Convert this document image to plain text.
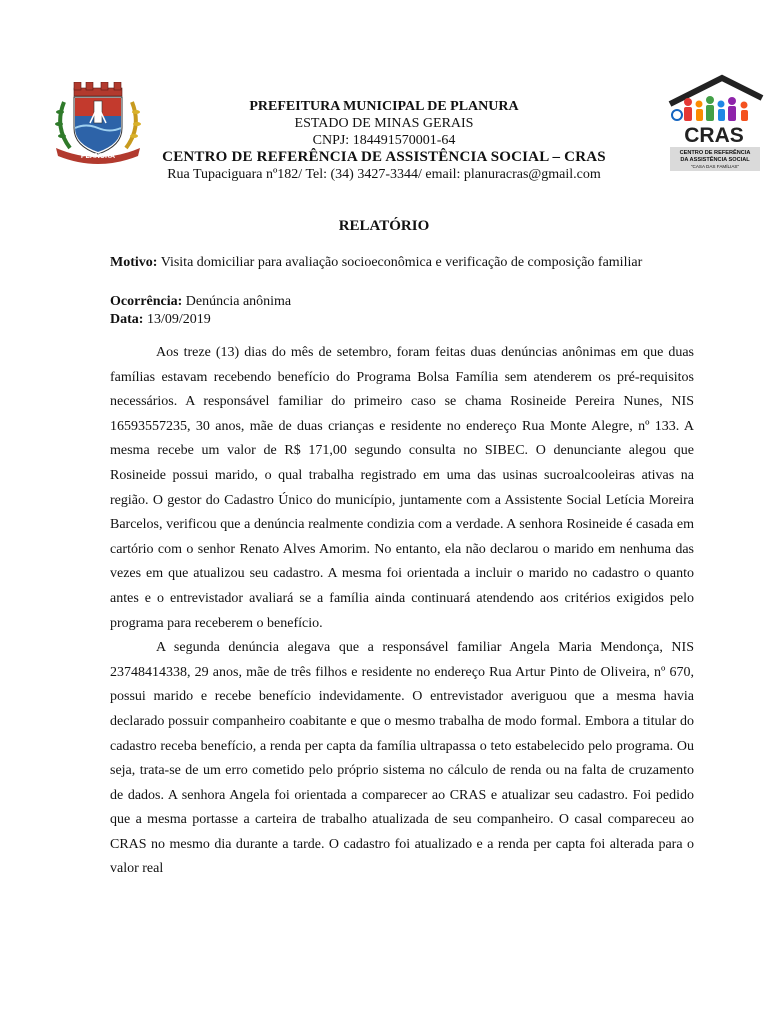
PLANURA
CRAS
CENTRO DE REFERÊNCIA
DA ASSISTÊNCIA SOCIAL
"CASA DAS FAMÍLIAS"
PREFEITURA MUNICIPAL DE PLANURA
ESTADO DE MINAS GERAIS
CNPJ: 184491570001-64
CENTRO DE REFERÊNCIA DE ASSISTÊNCIA SOCIAL – CRAS
Rua Tupaciguara nº182/ Tel: (34) 3427-3344/ email: planuracras@gmail.com
RELATÓRIO
Motivo: Visita domiciliar para avaliação socioeconômica e verificação de composição familiar
Ocorrência: Denúncia anônima
Data: 13/09/2019

Aos treze (13) dias do mês de setembro, foram feitas duas denúncias anônimas em que duas famílias estavam recebendo benefício do Programa Bolsa Família sem atenderem os pré-requisitos necessários. A responsável familiar do primeiro caso se chama Rosineide Pereira Nunes, NIS 16593557235, 30 anos, mãe de duas crianças e residente no endereço Rua Monte Alegre, nº 133. A mesma recebe um valor de R$ 171,00 segundo consulta no SIBEC. O denunciante alegou que Rosineide possui marido, o qual trabalha registrado em uma das usinas sucroalcooleiras ativas na região. O gestor do Cadastro Único do município, juntamente com a Assistente Social Letícia Moreira Barcelos, verificou que a denúncia realmente condizia com a verdade. A senhora Rosineide é casada em cartório com o senhor Renato Alves Amorim. No entanto, ela não declarou o marido em nenhuma das vezes em que atualizou seu cadastro. A mesma foi orientada a incluir o marido no cadastro o quanto antes e o entrevistador avaliará se a família ainda continuará atendendo aos critérios exigidos pelo programa para receberem o benefício.

A segunda denúncia alegava que a responsável familiar Angela Maria Mendonça, NIS 23748414338, 29 anos, mãe de três filhos e residente no endereço Rua Artur Pinto de Oliveira, nº 670, possui marido e recebe benefício indevidamente. O entrevistador averiguou que a mesma havia declarado possuir companheiro coabitante e que o mesmo trabalha de modo formal. Embora a titular do cadastro receba benefício, a renda per capta da família ultrapassa o teto estabelecido pelo programa. Ou seja, trata-se de um erro cometido pelo próprio sistema no cálculo de renda ou na falta de cruzamento de dados. A senhora Angela foi orientada a comparecer ao CRAS e atualizar seu cadastro. Foi pedido que a mesma portasse a carteira de trabalho atualizada de seu companheiro. O casal compareceu ao CRAS no mesmo dia durante a tarde. O cadastro foi atualizado e a renda per capta foi alterada para o valor real
